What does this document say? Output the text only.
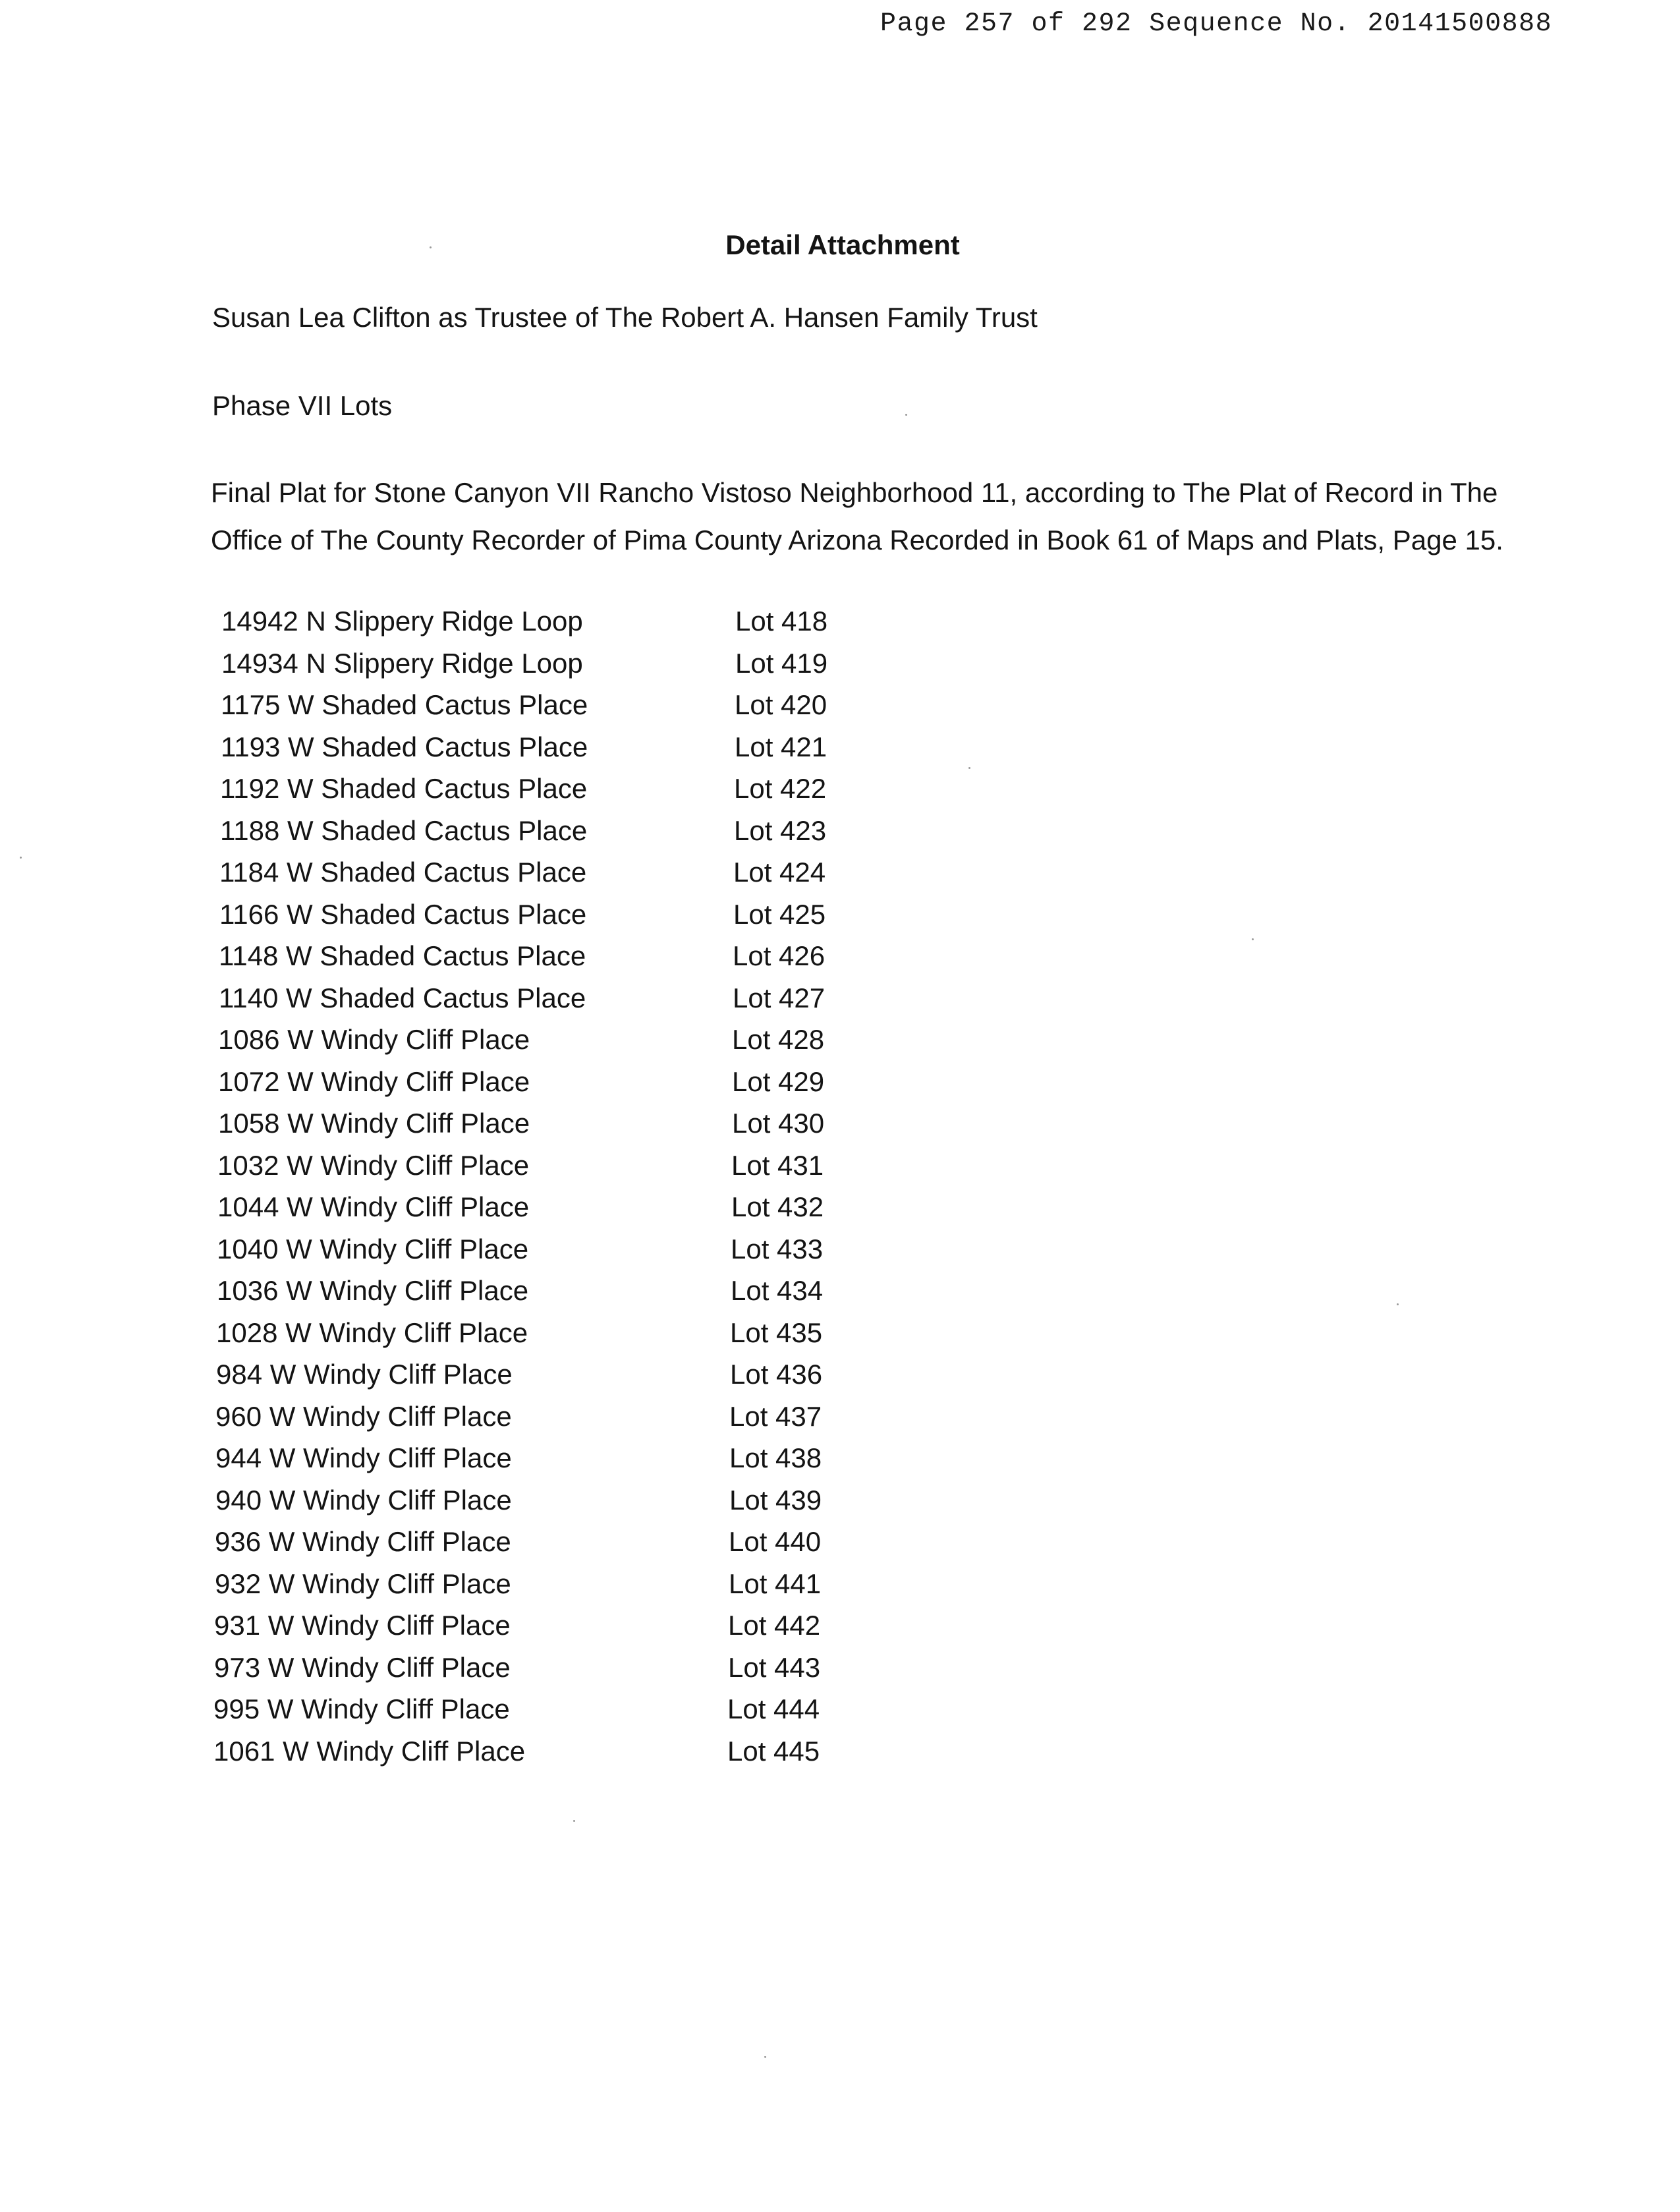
Page 257 of 292 Sequence No. 20141500888
Detail Attachment
Susan Lea Clifton as Trustee of The Robert A. Hansen Family Trust
Phase VII Lots
Final Plat for Stone Canyon VII Rancho Vistoso Neighborhood 11, according to The Plat of Record in The
Office of The County Recorder of Pima County Arizona Recorded in Book 61 of Maps and Plats, Page 15.
14942 N Slippery Ridge Loop	Lot 418
14934 N Slippery Ridge Loop	Lot 419
1175 W Shaded Cactus Place	Lot 420
1193 W Shaded Cactus Place	Lot 421
1192 W Shaded Cactus Place	Lot 422
1188 W Shaded Cactus Place	Lot 423
1184 W Shaded Cactus Place	Lot 424
1166 W Shaded Cactus Place	Lot 425
1148 W Shaded Cactus Place	Lot 426
1140 W Shaded Cactus Place	Lot 427
1086 W Windy Cliff Place	Lot 428
1072 W Windy Cliff Place	Lot 429
1058 W Windy Cliff Place	Lot 430
1032 W Windy Cliff Place	Lot 431
1044 W Windy Cliff Place	Lot 432
1040 W Windy Cliff Place	Lot 433
1036 W Windy Cliff Place	Lot 434
1028 W Windy Cliff Place	Lot 435
984 W Windy Cliff Place	Lot 436
960 W Windy Cliff Place	Lot 437
944 W Windy Cliff Place	Lot 438
940 W Windy Cliff Place	Lot 439
936 W Windy Cliff Place	Lot 440
932 W Windy Cliff Place	Lot 441
931 W Windy Cliff Place	Lot 442
973 W Windy Cliff Place	Lot 443
995 W Windy Cliff Place	Lot 444
1061 W Windy Cliff Place	Lot 445
